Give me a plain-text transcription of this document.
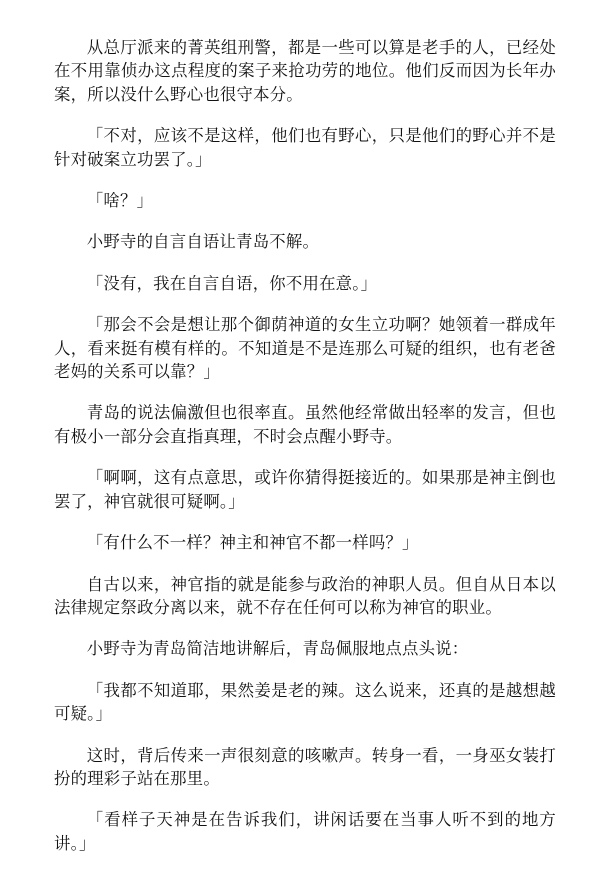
从总厅派来的菁英组刑警，都是一些可以算是老手的人，已经处在不用靠侦办这点程度的案子来抢功劳的地位。他们反而因为长年办案，所以没什么野心也很守本分。

「不对，应该不是这样，他们也有野心，只是他们的野心并不是针对破案立功罢了。」

「啥？」

小野寺的自言自语让青岛不解。

「没有，我在自言自语，你不用在意。」

「那会不会是想让那个御荫神道的女生立功啊？她领着一群成年人，看来挺有模有样的。不知道是不是连那么可疑的组织，也有老爸老妈的关系可以靠？」

青岛的说法偏激但也很率直。虽然他经常做出轻率的发言，但也有极小一部分会直指真理，不时会点醒小野寺。

「啊啊，这有点意思，或许你猜得挺接近的。如果那是神主倒也罢了，神官就很可疑啊。」

「有什么不一样？神主和神官不都一样吗？」

自古以来，神官指的就是能参与政治的神职人员。但自从日本以法律规定祭政分离以来，就不存在任何可以称为神官的职业。

小野寺为青岛简洁地讲解后，青岛佩服地点点头说：

「我都不知道耶，果然姜是老的辣。这么说来，还真的是越想越可疑。」

这时，背后传来一声很刻意的咳嗽声。转身一看，一身巫女装打扮的理彩子站在那里。

「看样子天神是在告诉我们，讲闲话要在当事人听不到的地方讲。」
